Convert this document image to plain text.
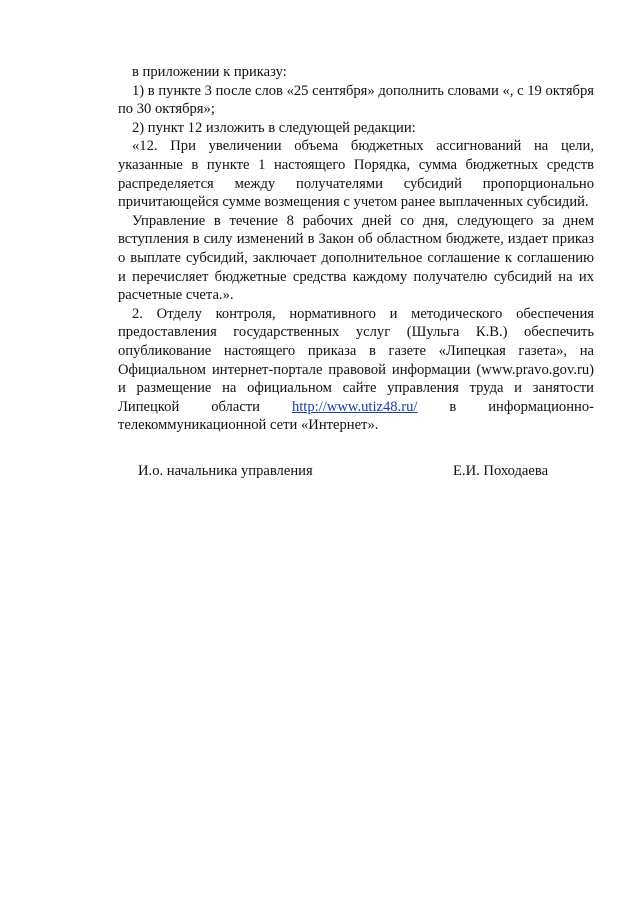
в приложении к приказу:

1) в пункте 3 после слов «25 сентября» дополнить словами «, с 19 октября по 30 октября»;

2) пункт 12 изложить в следующей редакции:

«12. При увеличении объема бюджетных ассигнований на цели, указанные в пункте 1 настоящего Порядка, сумма бюджетных средств распределяется между получателями субсидий пропорционально причитающейся сумме возмещения с учетом ранее выплаченных субсидий.

Управление в течение 8 рабочих дней со дня, следующего за днем вступления в силу изменений в Закон об областном бюджете, издает приказ о выплате субсидий, заключает дополнительное соглашение к соглашению и перечисляет бюджетные средства каждому получателю субсидий на их расчетные счета.».

2. Отделу контроля, нормативного и методического обеспечения предоставления государственных услуг (Шульга К.В.) обеспечить опубликование настоящего приказа в газете «Липецкая газета», на Официальном интернет-портале правовой информации (www.pravo.gov.ru) и размещение на официальном сайте управления труда и занятости Липецкой области http://www.utiz48.ru/ в информационно-телекоммуникационной сети «Интернет».

И.о. начальника управления	Е.И. Походаева
